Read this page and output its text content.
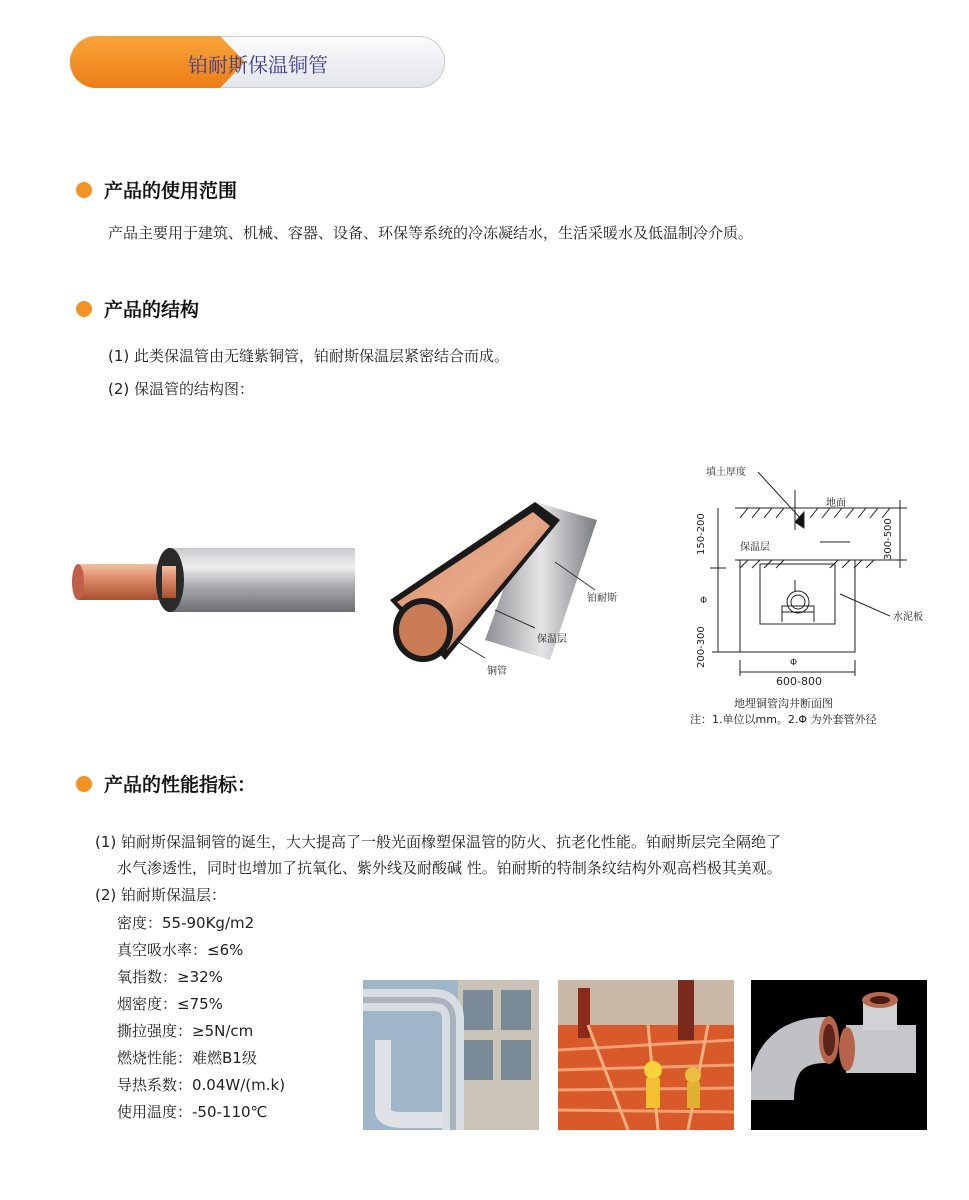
铂耐斯保温铜管
产品的使用范围
产品主要用于建筑、机械、容器、设备、环保等系统的冷冻凝结水，生活采暖水及低温制冷介质。
产品的结构
(1) 此类保温管由无缝紫铜管，铂耐斯保温层紧密结合而成。
(2) 保温管的结构图：
铂耐斯
保温层
铜管
填土厚度
地面
保温层
水泥板
150-200	300-500
200-300
Φ
Φ
600-800
地埋铜管沟井断面图
注：1.单位以mm。2.Φ 为外套管外径
产品的性能指标：
(1) 铂耐斯保温铜管的诞生，大大提高了一般光面橡塑保温管的防火、抗老化性能。铂耐斯层完全隔绝了
水气渗透性，同时也增加了抗氧化、紫外线及耐酸碱 性。铂耐斯的特制条纹结构外观高档极其美观。
(2) 铂耐斯保温层：
密度：55-90Kg/m2
真空吸水率：≤6%
氧指数：≥32%
烟密度：≤75%
撕拉强度：≥5N/cm
燃烧性能：难燃B1级
导热系数：0.04W/(m.k)
使用温度：-50-110℃
